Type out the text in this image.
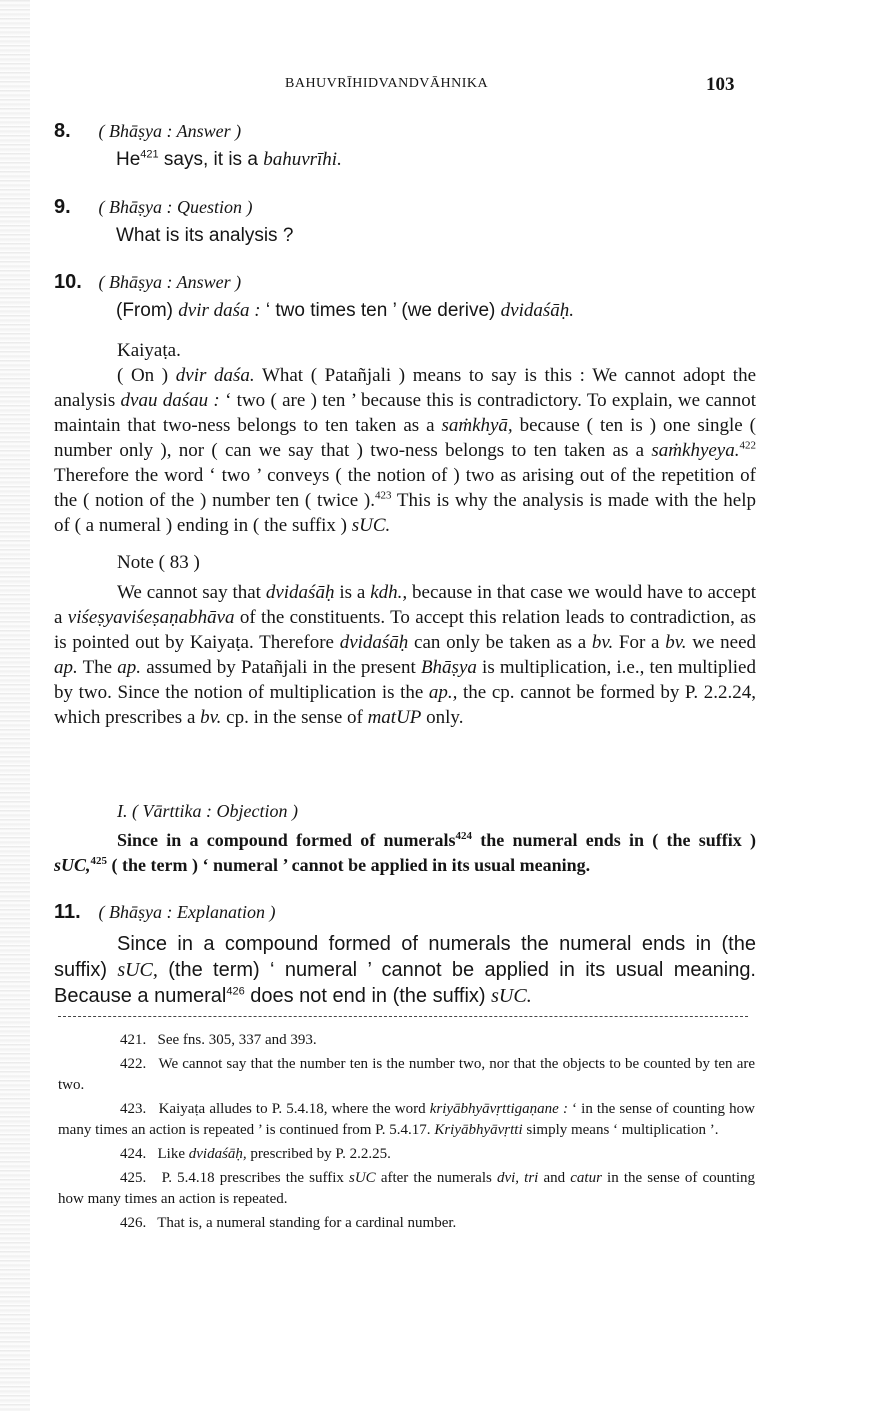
BAHUVRĪHIDVANDVĀHNIKA	103
8. ( Bhāṣya : Answer )
He$^{421}$ says, it is a bahuvrīhi.
9. ( Bhāṣya : Question )
What is its analysis ?
10. ( Bhāṣya : Answer )
(From) dvir daśa : ‘ two times ten ’ (we derive) dvidaśāḥ.

Kaiyaṭa.

( On ) dvir daśa. What ( Patañjali ) means to say is this : We cannot adopt the analysis dvau daśau : ‘ two ( are ) ten ’ because this is contradictory. To explain, we cannot maintain that two-ness belongs to ten taken as a saṁkhyā, because ( ten is ) one single ( number only ), nor ( can we say that ) two-ness belongs to ten taken as a saṁkhyeya.$^{422}$ Therefore the word ‘ two ’ conveys ( the notion of ) two as arising out of the repetition of the ( notion of the ) number ten ( twice ).$^{423}$ This is why the analysis is made with the help of ( a numeral ) ending in ( the suffix ) sUC.

Note ( 83 )

We cannot say that dvidaśāḥ is a kdh., because in that case we would have to accept a viśeṣyaviśeṣaṇabhāva of the constituents. To accept this relation leads to contradiction, as is pointed out by Kaiyaṭa. Therefore dvidaśāḥ can only be taken as a bv. For a bv. we need ap. The ap. assumed by Patañjali in the present Bhāṣya is multiplication, i.e., ten multiplied by two. Since the notion of multiplication is the ap., the cp. cannot be formed by P. 2.2.24, which prescribes a bv. cp. in the sense of matUP only.

I. ( Vārttika : Objection )

Since in a compound formed of numerals$^{424}$ the numeral ends in ( the suffix ) sUC,$^{425}$ ( the term ) ‘ numeral ’ cannot be applied in its usual meaning.

11. ( Bhāṣya : Explanation )

Since in a compound formed of numerals the numeral ends in (the suffix) sUC, (the term) ‘ numeral ’ cannot be applied in its usual meaning. Because a numeral$^{426}$ does not end in (the suffix) sUC.

421. See fns. 305, 337 and 393.

422. We cannot say that the number ten is the number two, nor that the objects to be counted by ten are two.

423. Kaiyaṭa alludes to P. 5.4.18, where the word kriyābhyāvṛttigaṇane : ‘ in the sense of counting how many times an action is repeated ’ is continued from P. 5.4.17. Kriyābhyāvṛtti simply means ‘ multiplication ’.

424. Like dvidaśāḥ, prescribed by P. 2.2.25.

425. P. 5.4.18 prescribes the suffix sUC after the numerals dvi, tri and catur in the sense of counting how many times an action is repeated.

426. That is, a numeral standing for a cardinal number.
